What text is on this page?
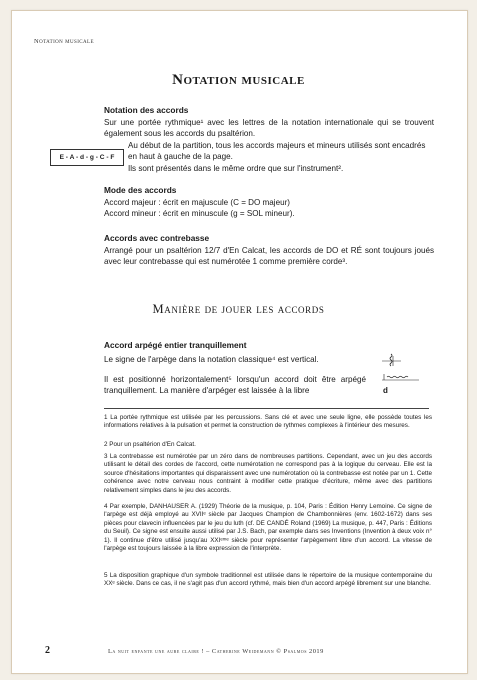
Notation musicale
Notation musicale
Notation des accords
Sur une portée rythmique¹ avec les lettres de la notation internationale qui se trouvent également sous les accords du psaltérion.
E - A - d - g - C - F
Au début de la partition, tous les accords majeurs et mineurs utilisés sont encadrés en haut à gauche de la page.
Ils sont présentés dans le même ordre que sur l'instrument².
Mode des accords
Accord majeur : écrit en majuscule (C = DO majeur)
Accord mineur : écrit en minuscule (g = SOL mineur).
Accords avec contrebasse
Arrangé pour un psaltérion 12/7 d'En Calcat, les accords de DO et RÉ sont toujours joués avec leur contrebasse qui est numérotée 1 comme première corde³.
Manière de jouer les accords
Accord arpégé entier tranquillement
Le signe de l'arpège dans la notation classique⁴ est vertical.
Il est positionné horizontalement⁵ lorsqu'un accord doit être arpégé tranquillement. La manière d'arpéger est laissée à la libre	d
1 La portée rythmique est utilisée par les percussions. Sans clé et avec une seule ligne, elle possède toutes les informations relatives à la pulsation et permet la construction de rythmes complexes à l'intérieur des mesures.
2 Pour un psaltérion d'En Calcat.
3 La contrebasse est numérotée par un zéro dans de nombreuses partitions. Cependant, avec un jeu des accords utilisant le détail des cordes de l'accord, cette numérotation ne correspond pas à la logique du cerveau. Elle est la source d'hésitations importantes qui disparaissent avec une numérotation où la contrebasse est notée par un 1. Cette cohérence avec notre cerveau nous contraint à modifier cette pratique d'écriture, même avec des partitions relativement simples dans le jeu des accords.
4 Par exemple, DANHAUSER A. (1929) Théorie de la musique, p. 104, Paris : Édition Henry Lemoine. Ce signe de l'arpège est déjà employé au XVIIᵉ siècle par Jacques Champion de Chambonnières (env. 1602-1672) dans ses pièces pour clavecin influencées par le jeu du luth (cf. DE CANDÉ Roland (1969) La musique, p. 447, Paris : Éditions du Seuil). Ce signe est ensuite aussi utilisé par J.S. Bach, par exemple dans ses Inventions (Invention à deux voix n° 1). Il continue d'être utilisé jusqu'au XXIᵉᵐᵉ siècle pour représenter l'arpègement libre d'un accord. La vitesse de l'arpège est toujours laissée à la libre expression de l'interprète.
5 La disposition graphique d'un symbole traditionnel est utilisée dans le répertoire de la musique contemporaine du XXᵉ siècle. Dans ce cas, il ne s'agit pas d'un accord rythmé, mais bien d'un accord arpégé librement sur une blanche.
2	La nuit enfante une aube claire ! – Catherine Weidemann © Psalmos 2019
